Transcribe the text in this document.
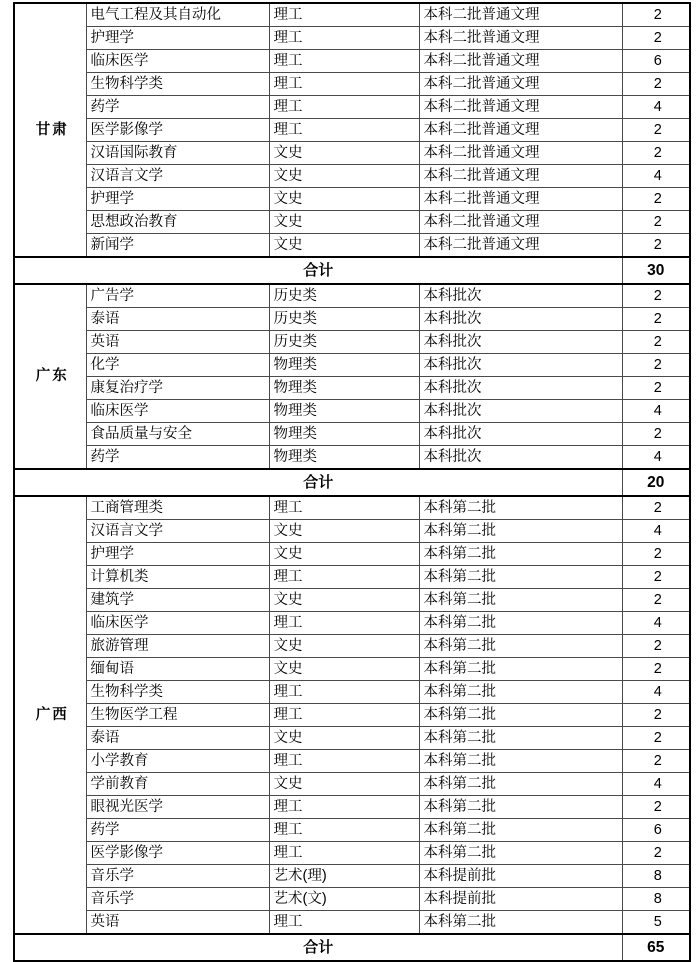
甘肃	电气工程及其自动化	理工	本科二批普通文理	2
	护理学	理工	本科二批普通文理	2
	临床医学	理工	本科二批普通文理	6
	生物科学类	理工	本科二批普通文理	2
	药学	理工	本科二批普通文理	4
	医学影像学	理工	本科二批普通文理	2
	汉语国际教育	文史	本科二批普通文理	2
	汉语言文学	文史	本科二批普通文理	4
	护理学	文史	本科二批普通文理	2
	思想政治教育	文史	本科二批普通文理	2
	新闻学	文史	本科二批普通文理	2
合计				30
广东	广告学	历史类	本科批次	2
	泰语	历史类	本科批次	2
	英语	历史类	本科批次	2
	化学	物理类	本科批次	2
	康复治疗学	物理类	本科批次	2
	临床医学	物理类	本科批次	4
	食品质量与安全	物理类	本科批次	2
	药学	物理类	本科批次	4
合计				20
广西	工商管理类	理工	本科第二批	2
	汉语言文学	文史	本科第二批	4
	护理学	文史	本科第二批	2
	计算机类	理工	本科第二批	2
	建筑学	文史	本科第二批	2
	临床医学	理工	本科第二批	4
	旅游管理	文史	本科第二批	2
	缅甸语	文史	本科第二批	2
	生物科学类	理工	本科第二批	4
	生物医学工程	理工	本科第二批	2
	泰语	文史	本科第二批	2
	小学教育	理工	本科第二批	2
	学前教育	文史	本科第二批	4
	眼视光医学	理工	本科第二批	2
	药学	理工	本科第二批	6
	医学影像学	理工	本科第二批	2
	音乐学	艺术(理)	本科提前批	8
	音乐学	艺术(文)	本科提前批	8
	英语	理工	本科第二批	5
合计				65
